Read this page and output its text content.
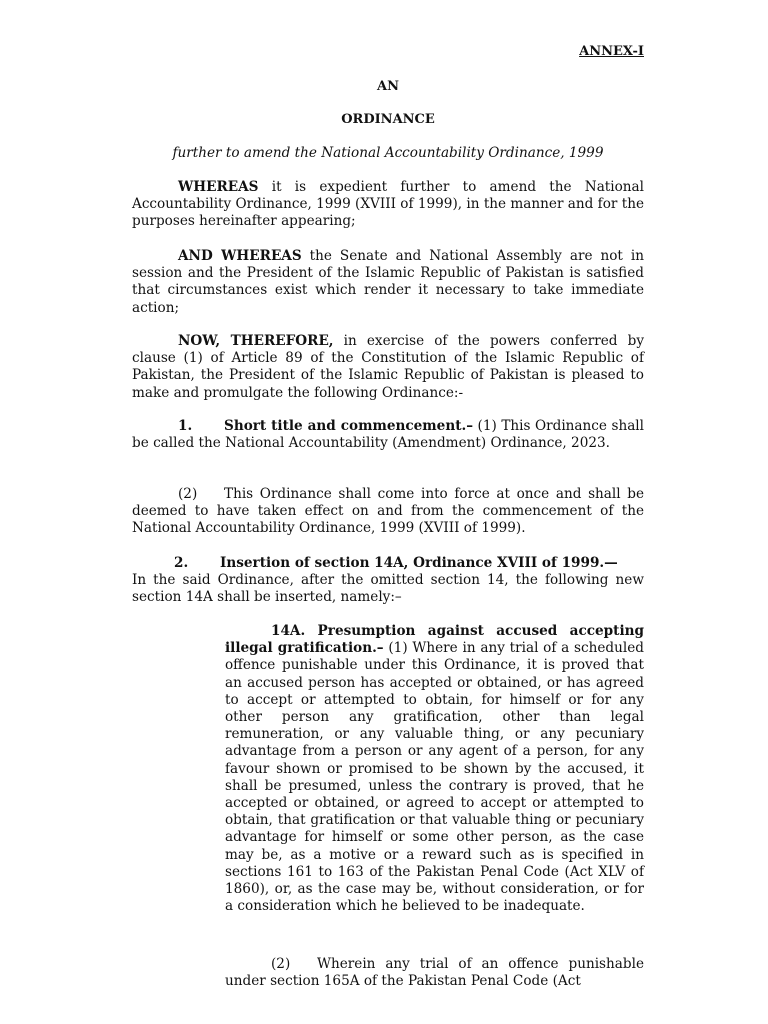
ANNEX-I
AN
ORDINANCE
further to amend the National Accountability Ordinance, 1999

WHEREAS it is expedient further to amend the National Accountability Ordinance, 1999 (XVIII of 1999), in the manner and for the purposes hereinafter appearing;

AND WHEREAS the Senate and National Assembly are not in session and the President of the Islamic Republic of Pakistan is satisfied that circumstances exist which render it necessary to take immediate action;

NOW, THEREFORE, in exercise of the powers conferred by clause (1) of Article 89 of the Constitution of the Islamic Republic of Pakistan, the President of the Islamic Republic of Pakistan is pleased to make and promulgate the following Ordinance:-

1. Short title and commencement.– (1) This Ordinance shall be called the National Accountability (Amendment) Ordinance, 2023.

(2) This Ordinance shall come into force at once and shall be deemed to have taken effect on and from the commencement of the National Accountability Ordinance, 1999 (XVIII of 1999).

2. Insertion of section 14A, Ordinance XVIII of 1999.—

In the said Ordinance, after the omitted section 14, the following new section 14A shall be inserted, namely:–

14A. Presumption against accused accepting illegal gratification.– (1) Where in any trial of a scheduled offence punishable under this Ordinance, it is proved that an accused person has accepted or obtained, or has agreed to accept or attempted to obtain, for himself or for any other person any gratification, other than legal remuneration, or any valuable thing, or any pecuniary advantage from a person or any agent of a person, for any favour shown or promised to be shown by the accused, it shall be presumed, unless the contrary is proved, that he accepted or obtained, or agreed to accept or attempted to obtain, that gratification or that valuable thing or pecuniary advantage for himself or some other person, as the case may be, as a motive or a reward such as is specified in sections 161 to 163 of the Pakistan Penal Code (Act XLV of 1860), or, as the case may be, without consideration, or for a consideration which he believed to be inadequate.

(2) Wherein any trial of an offence punishable under section 165A of the Pakistan Penal Code (Act
